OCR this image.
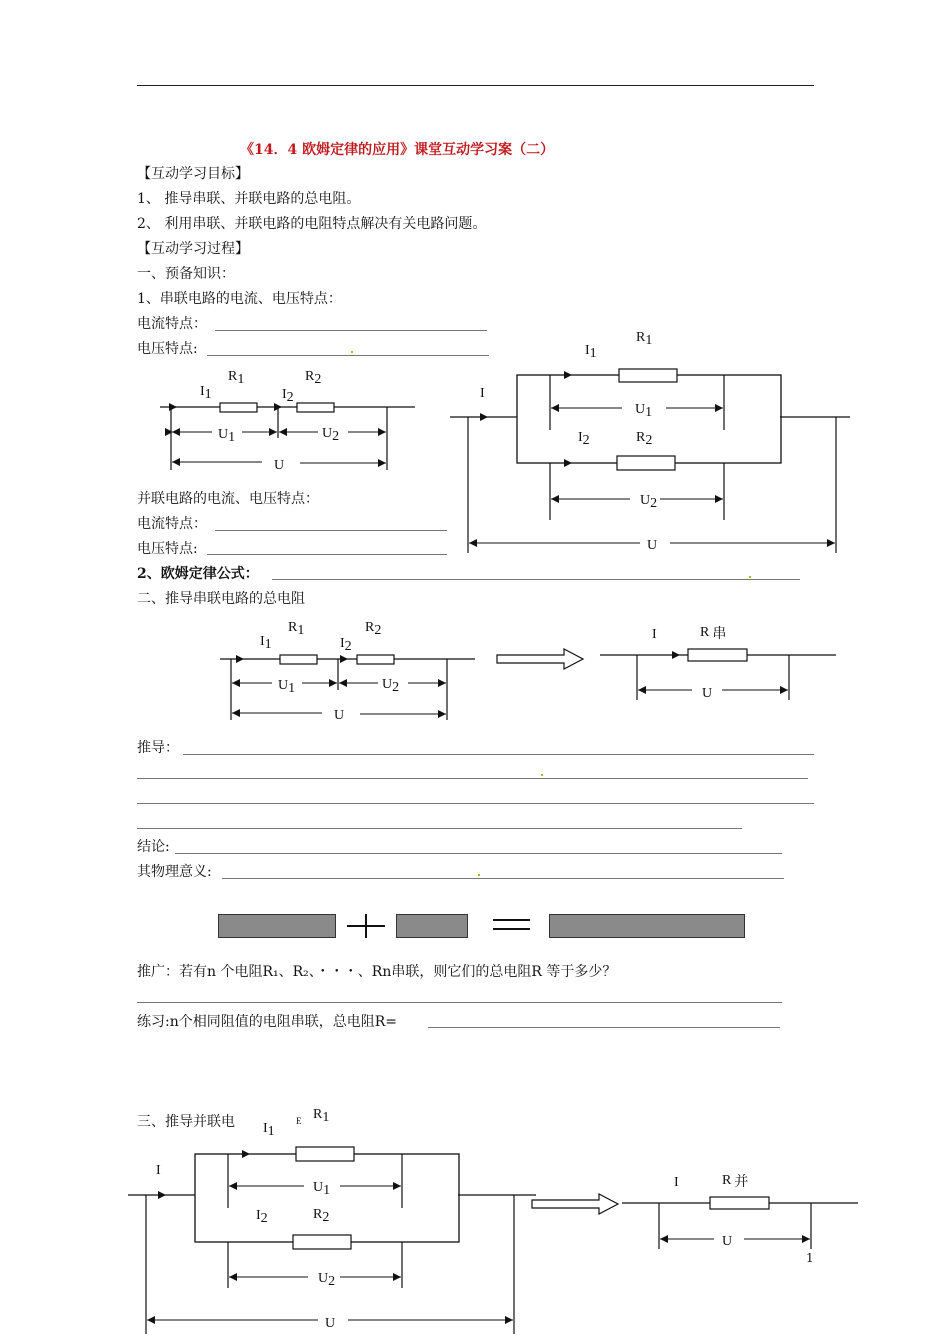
《14．4 欧姆定律的应用》课堂互动学习案（二）
【互动学习目标】
1、 推导串联、并联电路的总电阻。
2、 利用串联、并联电路的电阻特点解决有关电路问题。
【互动学习过程】
一、预备知识：
1、串联电路的电流、电压特点：
电流特点：
电压特点:
I1
R1
I2
R2
U1	U2
U
I
I1
R1
U1
I2	R2
U2
U
并联电路的电流、电压特点：
电流特点：
电压特点:
2、欧姆定律公式：
二、推导串联电路的总电阻
I1
R1
I2
R2
U1	U2
U
I	R 串
U
推导：
结论:
其物理意义:
推广：若有n 个电阻R₁、R₂、・・・、Rn串联，则它们的总电阻R 等于多少？
练习:n个相同阻值的电阻串联，总电阻R=
三、推导并联电
I
I1
E R1
U1
I2	R2
U2
U
I	R 并
U
1
